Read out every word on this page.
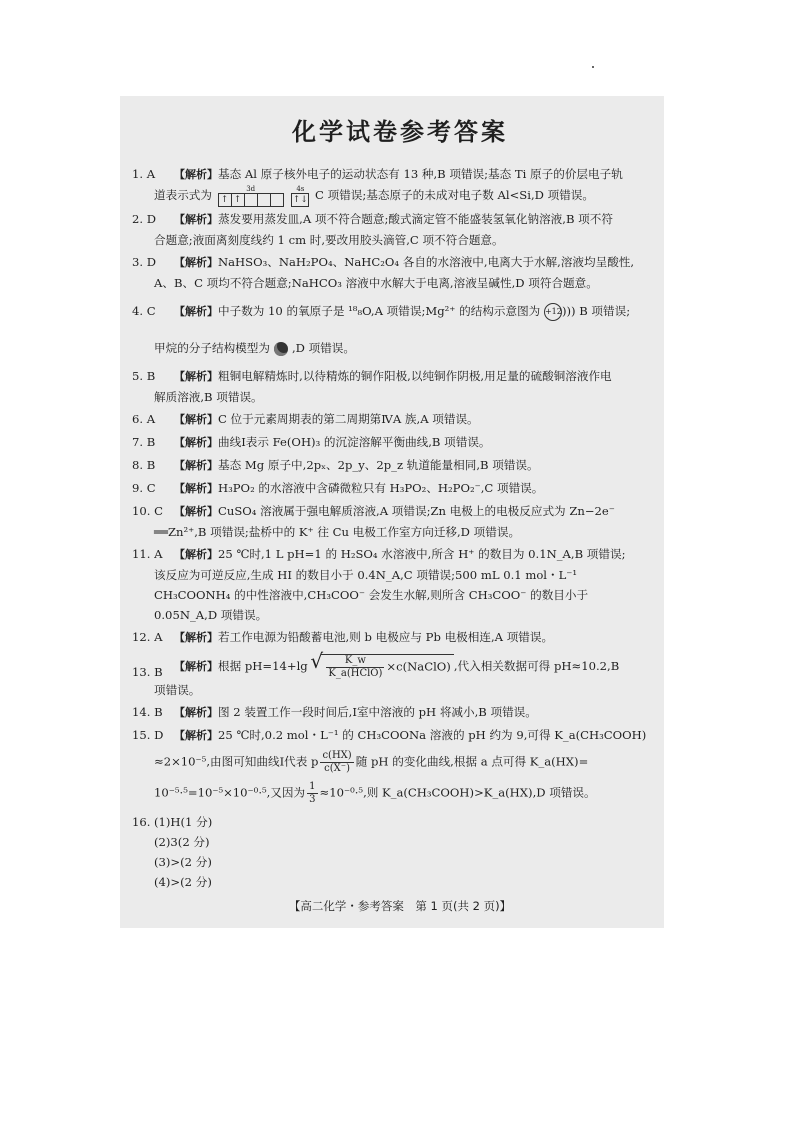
化学试卷参考答案
1. A 【解析】基态 Al 原子核外电子的运动状态有 13 种,B 项错误;基态 Ti 原子的价层电子轨
道表示式为	3d
↑ ↑

4s
↑↓ C 项错误;基态原子的未成对电子数 Al<Si,D 项错误。
2. D 【解析】蒸发要用蒸发皿,A 项不符合题意;酸式滴定管不能盛装氢氧化钠溶液,B 项不符
合题意;液面离刻度线约 1 cm 时,要改用胶头滴管,C 项不符合题意。
3. D 【解析】NaHSO₃、NaH₂PO₄、NaHC₂O₄ 各自的水溶液中,电离大于水解,溶液均呈酸性,
A、B、C 项均不符合题意;NaHCO₃ 溶液中水解大于电离,溶液呈碱性,D 项符合题意。
4. C 【解析】中子数为 10 的氧原子是 ¹⁸₈O,A 项错误;Mg²⁺ 的结构示意图为 +12))) B 项错误;
甲烷的分子结构模型为 ,D 项错误。
5. B 【解析】粗铜电解精炼时,以待精炼的铜作阳极,以纯铜作阴极,用足量的硫酸铜溶液作电
解质溶液,B 项错误。
6. A 【解析】C 位于元素周期表的第二周期第ⅣA 族,A 项错误。
7. B 【解析】曲线Ⅰ表示 Fe(OH)₃ 的沉淀溶解平衡曲线,B 项错误。
8. B 【解析】基态 Mg 原子中,2pₓ、2p_y、2p_z 轨道能量相同,B 项错误。
9. C 【解析】H₃PO₂ 的水溶液中含磷微粒只有 H₃PO₂、H₂PO₂⁻,C 项错误。
10. C 【解析】CuSO₄ 溶液属于强电解质溶液,A 项错误;Zn 电极上的电极反应式为 Zn−2e⁻
══Zn²⁺,B 项错误;盐桥中的 K⁺ 往 Cu 电极工作室方向迁移,D 项错误。
11. A 【解析】25 ℃时,1 L pH=1 的 H₂SO₄ 水溶液中,所含 H⁺ 的数目为 0.1N_A,B 项错误;
该反应为可逆反应,生成 HI 的数目小于 0.4N_A,C 项错误;500 mL 0.1 mol・L⁻¹
CH₃COONH₄ 的中性溶液中,CH₃COO⁻ 会发生水解,则所含 CH₃COO⁻ 的数目小于
0.05N_A,D 项错误。
12. A 【解析】若工作电源为铅酸蓄电池,则 b 电极应与 Pb 电极相连,A 项错误。
13. B 【解析】根据 pH=14+lg
√ $\frac{K\_w}{\text{K\_a(HClO)}}$ ×c(NaClO) ,代入相关数据可得 pH≈10.2,B
项错误。
14. B 【解析】图 2 装置工作一段时间后,Ⅰ室中溶液的 pH 将减小,B 项错误。
15. D 【解析】25 ℃时,0.2 mol・L⁻¹ 的 CH₃COONa 溶液的 pH 约为 9,可得 K_a(CH₃COOH)
≈2×10⁻⁵,由图可知曲线Ⅰ代表 p $\frac{c(HX)}{c(X^-)}$ 随 pH 的变化曲线,根据 a 点可得 K_a(HX)=
10⁻⁵·⁵=10⁻⁵×10⁻⁰·⁵,又因为 $\frac{1}{3} \approx 10^{-0}\cdot^5$,则 K_a(CH₃COOH)>K_a(HX),D 项错误。
16. (1)H(1 分)
(2)3(2 分)
(3)>(2 分)
(4)>(2 分)
【高二化学・参考答案　第 1 页(共 2 页)】
